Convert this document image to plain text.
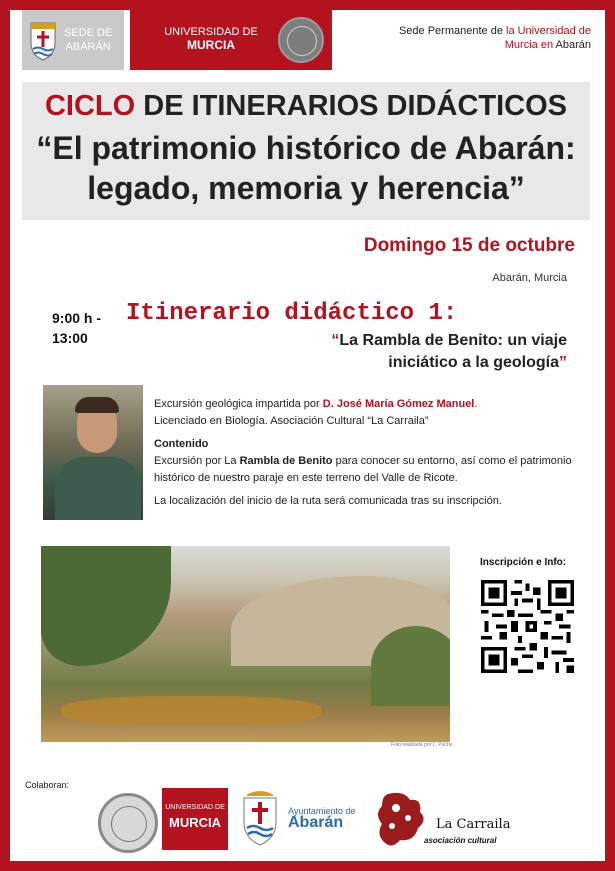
SEDE DE
ABARÁN
UNIVERSIDAD DE
MURCIA
Sede Permanente de la Universidad de
Murcia en Abarán
CICLO DE ITINERARIOS DIDÁCTICOS
“El patrimonio histórico de Abarán:
legado, memoria y herencia”
Domingo 15 de octubre
Abarán, Murcia
9:00 h -
13:00
Itinerario didáctico 1:
“La Rambla de Benito: un viaje
iniciático a la geología”

Excursión geológica impartida por D. José María Gómez Manuel.

Licenciado en Biología. Asociación Cultural “La Carraila”

Contenido

Excursión por La Rambla de Benito para conocer su entorno, así como el patrimonio histórico de nuestro paraje en este terreno del Valle de Ricote.

La localización del inicio de la ruta será comunicada tras su inscripción.

Foto realizada por L. Puche
Inscripción e Info:
Colaboran:
UNIVERSIDAD DE
MURCIA
Ayuntamiento de
Abarán	La Carraila
asociación cultural
